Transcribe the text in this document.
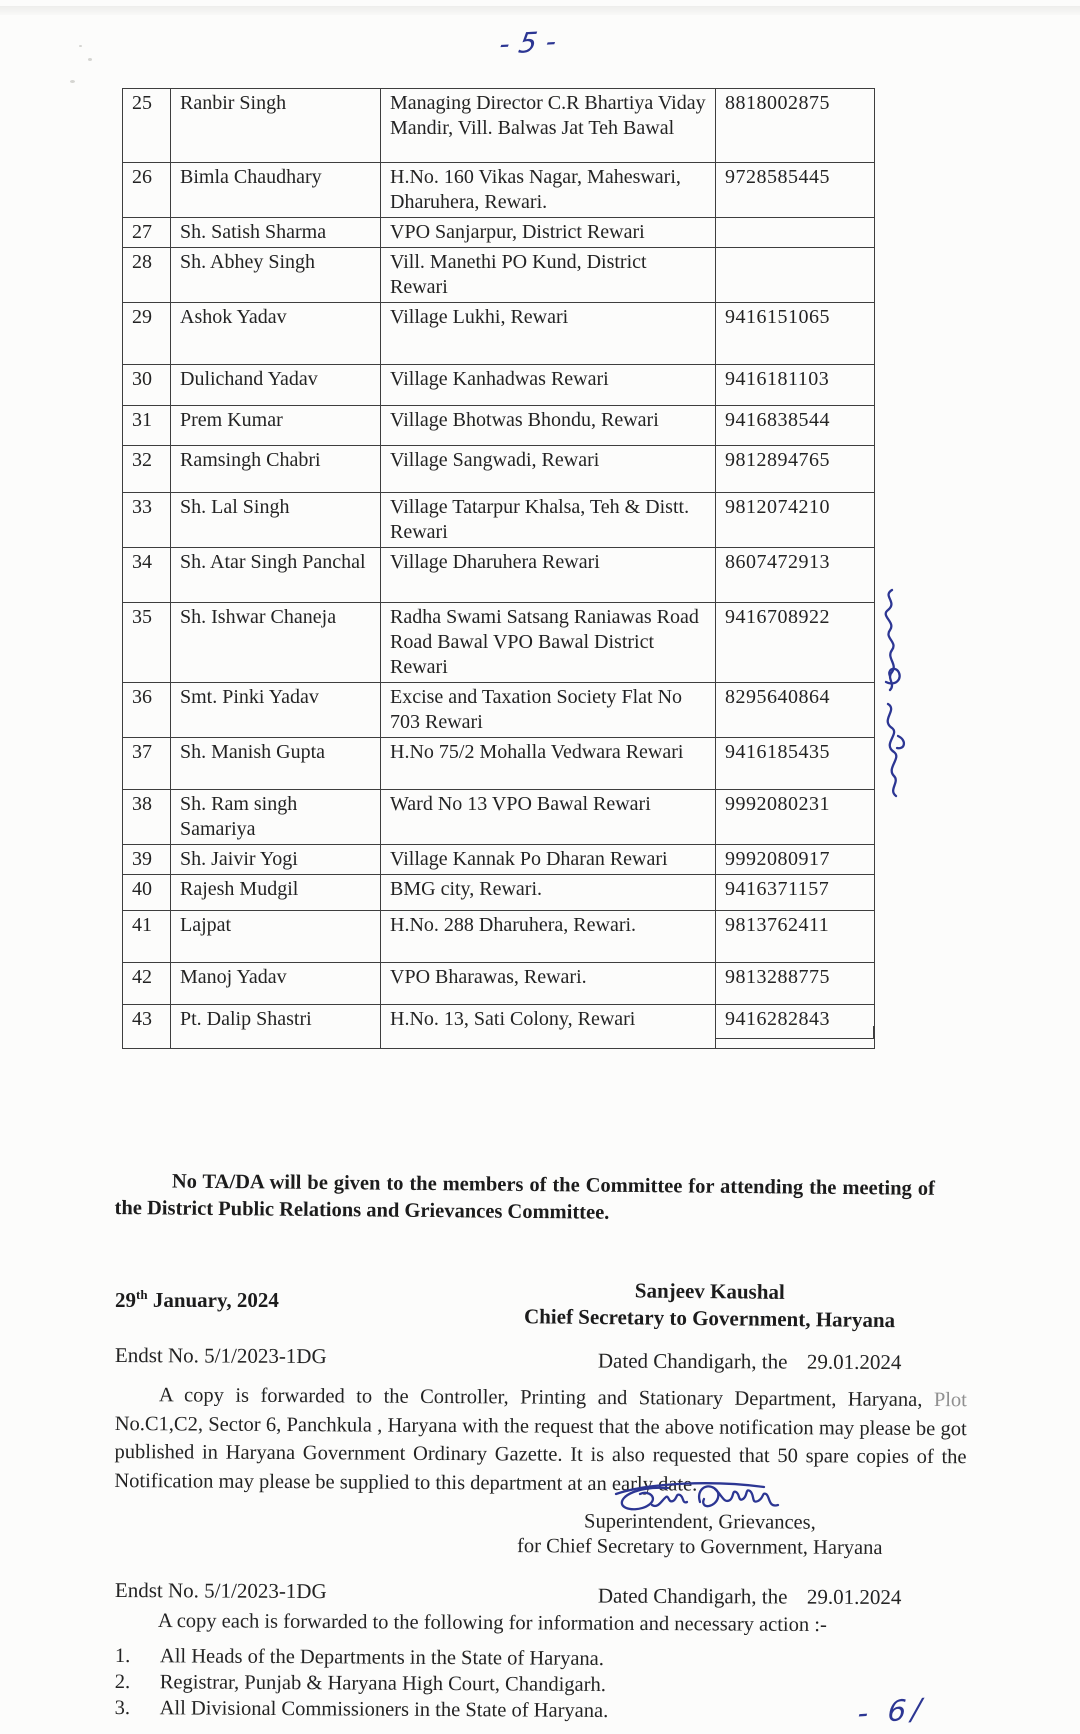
-5-
25	Ranbir Singh	Managing Director C.R Bhartiya Viday Mandir, Vill. Balwas Jat Teh Bawal	8818002875
26	Bimla Chaudhary	H.No. 160 Vikas Nagar, Maheswari, Dharuhera, Rewari.	9728585445
27	Sh. Satish Sharma	VPO Sanjarpur, District Rewari	
28	Sh. Abhey Singh	Vill. Manethi PO Kund, District Rewari	
29	Ashok Yadav	Village Lukhi, Rewari	9416151065
30	Dulichand Yadav	Village Kanhadwas Rewari	9416181103
31	Prem Kumar	Village Bhotwas Bhondu, Rewari	9416838544
32	Ramsingh Chabri	Village Sangwadi, Rewari	9812894765
33	Sh. Lal Singh	Village Tatarpur Khalsa, Teh & Distt. Rewari	9812074210
34	Sh. Atar Singh Panchal	Village Dharuhera Rewari	8607472913
35	Sh. Ishwar Chaneja	Radha Swami Satsang Raniawas Road Road Bawal VPO Bawal District Rewari	9416708922
36	Smt. Pinki Yadav	Excise and Taxation Society Flat No 703 Rewari	8295640864
37	Sh. Manish Gupta	H.No 75/2 Mohalla Vedwara Rewari	9416185435
38	Sh. Ram singh Samariya	Ward No 13 VPO Bawal Rewari	9992080231
39	Sh. Jaivir Yogi	Village Kannak Po Dharan Rewari	9992080917
40	Rajesh Mudgil	BMG city, Rewari.	9416371157
41	Lajpat	H.No. 288 Dharuhera, Rewari.	9813762411
42	Manoj Yadav	VPO Bharawas, Rewari.	9813288775
43	Pt. Dalip Shastri	H.No. 13, Sati Colony, Rewari	9416282843
No TA/DA will be given to the members of the Committee for attending the meeting of the District Public Relations and Grievances Committee.
29th January, 2024	Sanjeev Kaushal
Chief Secretary to Government, Haryana
Endst No. 5/1/2023-1DG	Dated Chandigarh, the 29.01.2024
A copy is forwarded to the Controller, Printing and Stationary Department, Haryana, Plot No.C1,C2, Sector 6, Panchkula , Haryana with the request that the above notification may please be got published in Haryana Government Ordinary Gazette. It is also requested that 50 spare copies of the Notification may please be supplied to this department at an early date.
Superintendent, Grievances,
for Chief Secretary to Government, Haryana
Endst No. 5/1/2023-1DG	Dated Chandigarh, the 29.01.2024
A copy each is forwarded to the following for information and necessary action :-
1. All Heads of the Departments in the State of Haryana.
2. Registrar, Punjab & Haryana High Court, Chandigarh.
3. All Divisional Commissioners in the State of Haryana.	- 6/
